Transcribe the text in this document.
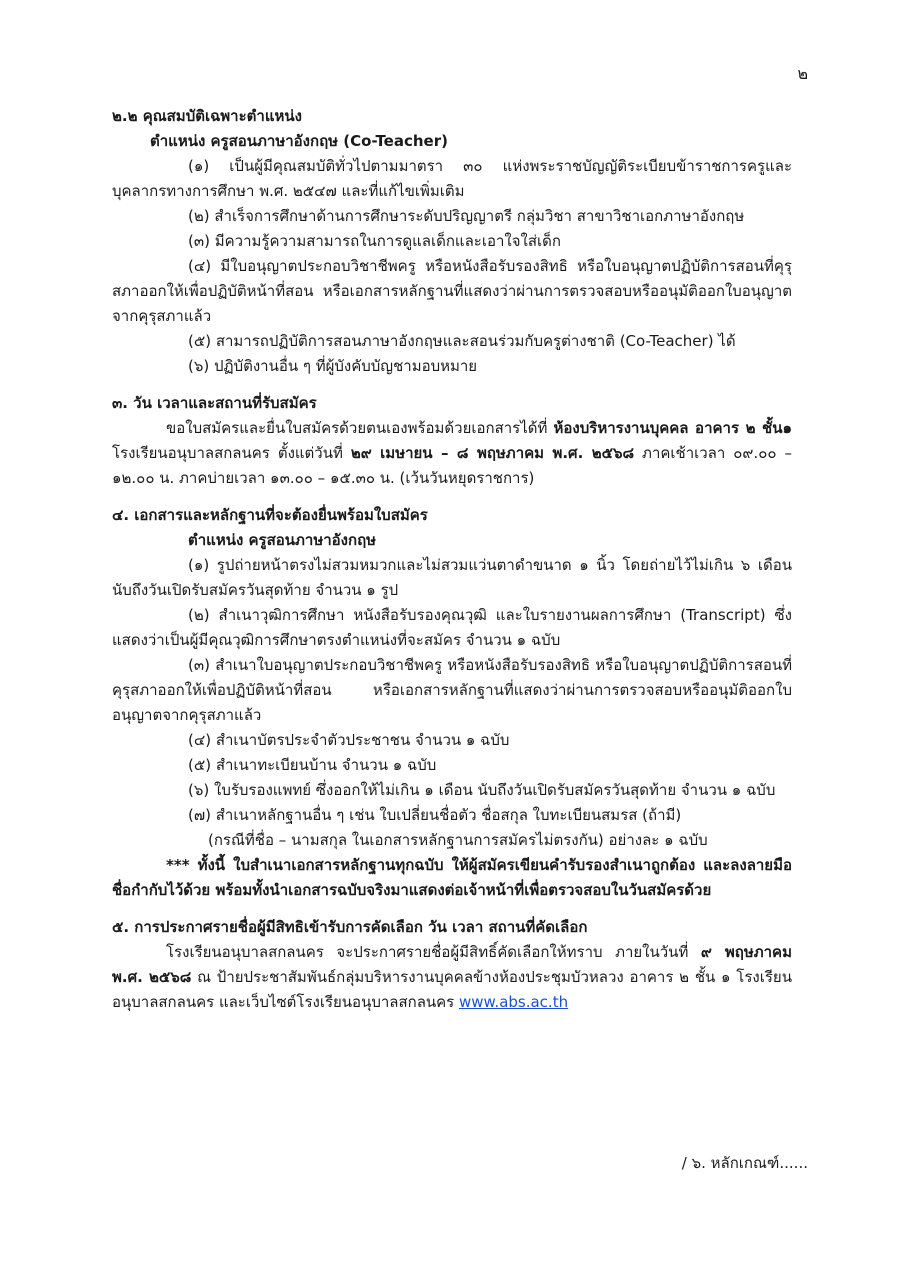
๒
๒.๒ คุณสมบัติเฉพาะตำแหน่ง
ตำแหน่ง ครูสอนภาษาอังกฤษ (Co-Teacher)
(๑) เป็นผู้มีคุณสมบัติทั่วไปตามมาตรา ๓๐ แห่งพระราชบัญญัติระเบียบข้าราชการครูและบุคลากรทางการศึกษา พ.ศ. ๒๕๔๗ และที่แก้ไขเพิ่มเติม
(๒) สำเร็จการศึกษาด้านการศึกษาระดับปริญญาตรี กลุ่มวิชา สาขาวิชาเอกภาษาอังกฤษ
(๓) มีความรู้ความสามารถในการดูแลเด็กและเอาใจใส่เด็ก
(๔) มีใบอนุญาตประกอบวิชาชีพครู หรือหนังสือรับรองสิทธิ หรือใบอนุญาตปฏิบัติการสอนที่คุรุสภาออกให้เพื่อปฏิบัติหน้าที่สอน หรือเอกสารหลักฐานที่แสดงว่าผ่านการตรวจสอบหรืออนุมัติออกใบอนุญาตจากคุรุสภาแล้ว
(๕) สามารถปฏิบัติการสอนภาษาอังกฤษและสอนร่วมกับครูต่างชาติ (Co-Teacher) ได้
(๖) ปฏิบัติงานอื่น ๆ ที่ผู้บังคับบัญชามอบหมาย
๓. วัน เวลาและสถานที่รับสมัคร
ขอใบสมัครและยื่นใบสมัครด้วยตนเองพร้อมด้วยเอกสารได้ที่ ห้องบริหารงานบุคคล อาคาร ๒ ชั้น๑ โรงเรียนอนุบาลสกลนคร ตั้งแต่วันที่ ๒๙ เมษายน – ๘ พฤษภาคม พ.ศ. ๒๕๖๘ ภาคเช้าเวลา ๐๙.๐๐ – ๑๒.๐๐ น. ภาคบ่ายเวลา ๑๓.๐๐ – ๑๕.๓๐ น. (เว้นวันหยุดราชการ)
๔. เอกสารและหลักฐานที่จะต้องยื่นพร้อมใบสมัคร
ตำแหน่ง ครูสอนภาษาอังกฤษ
(๑) รูปถ่ายหน้าตรงไม่สวมหมวกและไม่สวมแว่นตาดำขนาด ๑ นิ้ว โดยถ่ายไว้ไม่เกิน ๖ เดือนนับถึงวันเปิดรับสมัครวันสุดท้าย จำนวน ๑ รูป
(๒) สำเนาวุฒิการศึกษา หนังสือรับรองคุณวุฒิ และใบรายงานผลการศึกษา (Transcript) ซึ่งแสดงว่าเป็นผู้มีคุณวุฒิการศึกษาตรงตำแหน่งที่จะสมัคร จำนวน ๑ ฉบับ
(๓) สำเนาใบอนุญาตประกอบวิชาชีพครู หรือหนังสือรับรองสิทธิ หรือใบอนุญาตปฏิบัติการสอนที่คุรุสภาออกให้เพื่อปฏิบัติหน้าที่สอน หรือเอกสารหลักฐานที่แสดงว่าผ่านการตรวจสอบหรืออนุมัติออกใบอนุญาตจากคุรุสภาแล้ว
(๔) สำเนาบัตรประจำตัวประชาชน จำนวน ๑ ฉบับ
(๕) สำเนาทะเบียนบ้าน จำนวน ๑ ฉบับ
(๖) ใบรับรองแพทย์ ซึ่งออกให้ไม่เกิน ๑ เดือน นับถึงวันเปิดรับสมัครวันสุดท้าย จำนวน ๑ ฉบับ
(๗) สำเนาหลักฐานอื่น ๆ เช่น ใบเปลี่ยนชื่อตัว ชื่อสกุล ใบทะเบียนสมรส (ถ้ามี)
(กรณีที่ชื่อ – นามสกุล ในเอกสารหลักฐานการสมัครไม่ตรงกัน) อย่างละ ๑ ฉบับ
*** ทั้งนี้ ใบสำเนาเอกสารหลักฐานทุกฉบับ ให้ผู้สมัครเขียนคำรับรองสำเนาถูกต้อง และลงลายมือชื่อกำกับไว้ด้วย พร้อมทั้งนำเอกสารฉบับจริงมาแสดงต่อเจ้าหน้าที่เพื่อตรวจสอบในวันสมัครด้วย
๕. การประกาศรายชื่อผู้มีสิทธิเข้ารับการคัดเลือก วัน เวลา สถานที่คัดเลือก
โรงเรียนอนุบาลสกลนคร จะประกาศรายชื่อผู้มีสิทธิ์คัดเลือกให้ทราบ ภายในวันที่ ๙ พฤษภาคม พ.ศ. ๒๕๖๘ ณ ป้ายประชาสัมพันธ์กลุ่มบริหารงานบุคคลข้างห้องประชุมบัวหลวง อาคาร ๒ ชั้น ๑ โรงเรียนอนุบาลสกลนคร และเว็บไซต์โรงเรียนอนุบาลสกลนคร www.abs.ac.th
/ ๖. หลักเกณฑ์......
